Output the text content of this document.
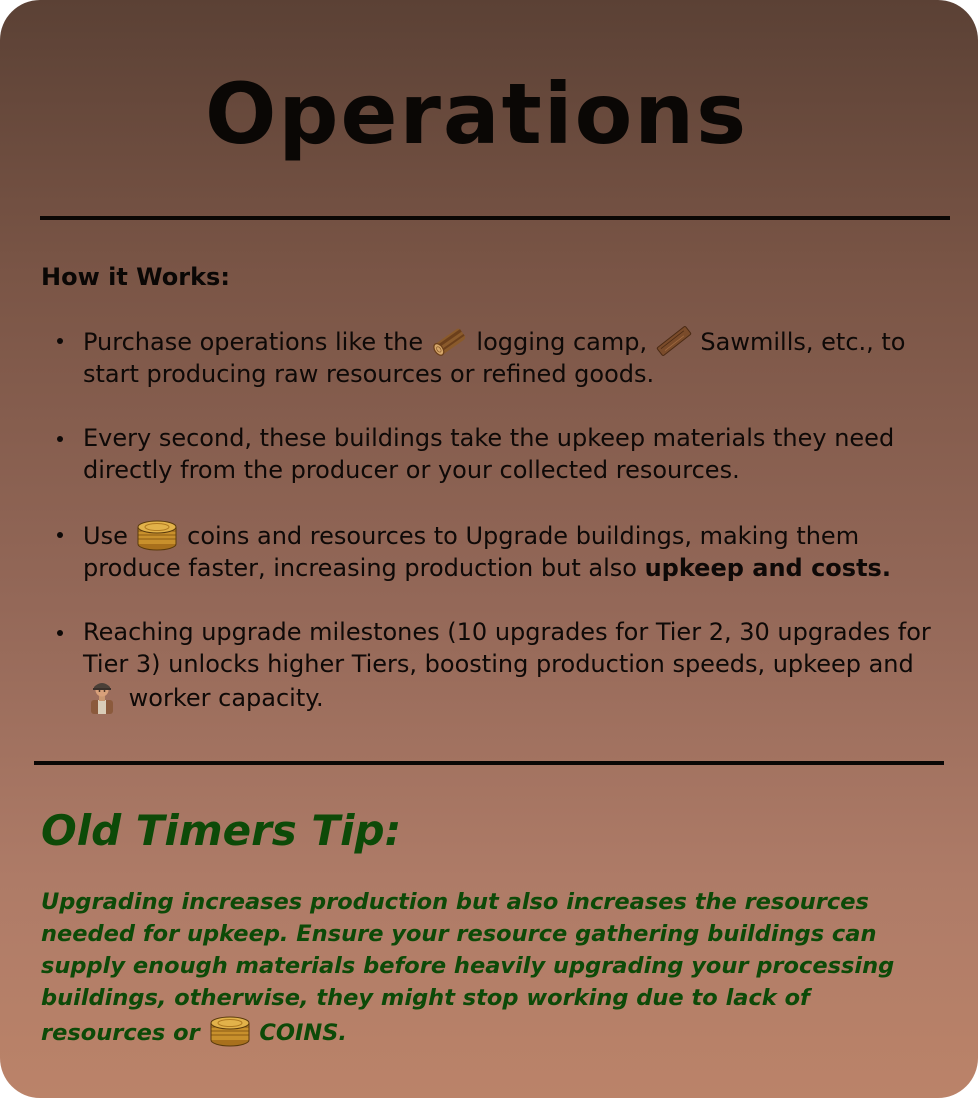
Operations
How it Works:
Purchase operations like the logging camp, Sawmills, etc., to start producing raw resources or refined goods.
Every second, these buildings take the upkeep materials they need directly from the producer or your collected resources.
Use coins and resources to Upgrade buildings, making them produce faster, increasing production but also upkeep and costs.
Reaching upgrade milestones (10 upgrades for Tier 2, 30 upgrades for Tier 3) unlocks higher Tiers, boosting production speeds, upkeep and  worker capacity.
Old Timers Tip:

Upgrading increases production but also increases the resources needed for upkeep. Ensure your resource gathering buildings can supply enough materials before heavily upgrading your processing buildings, otherwise, they might stop working due to lack of resources or	COINS.
